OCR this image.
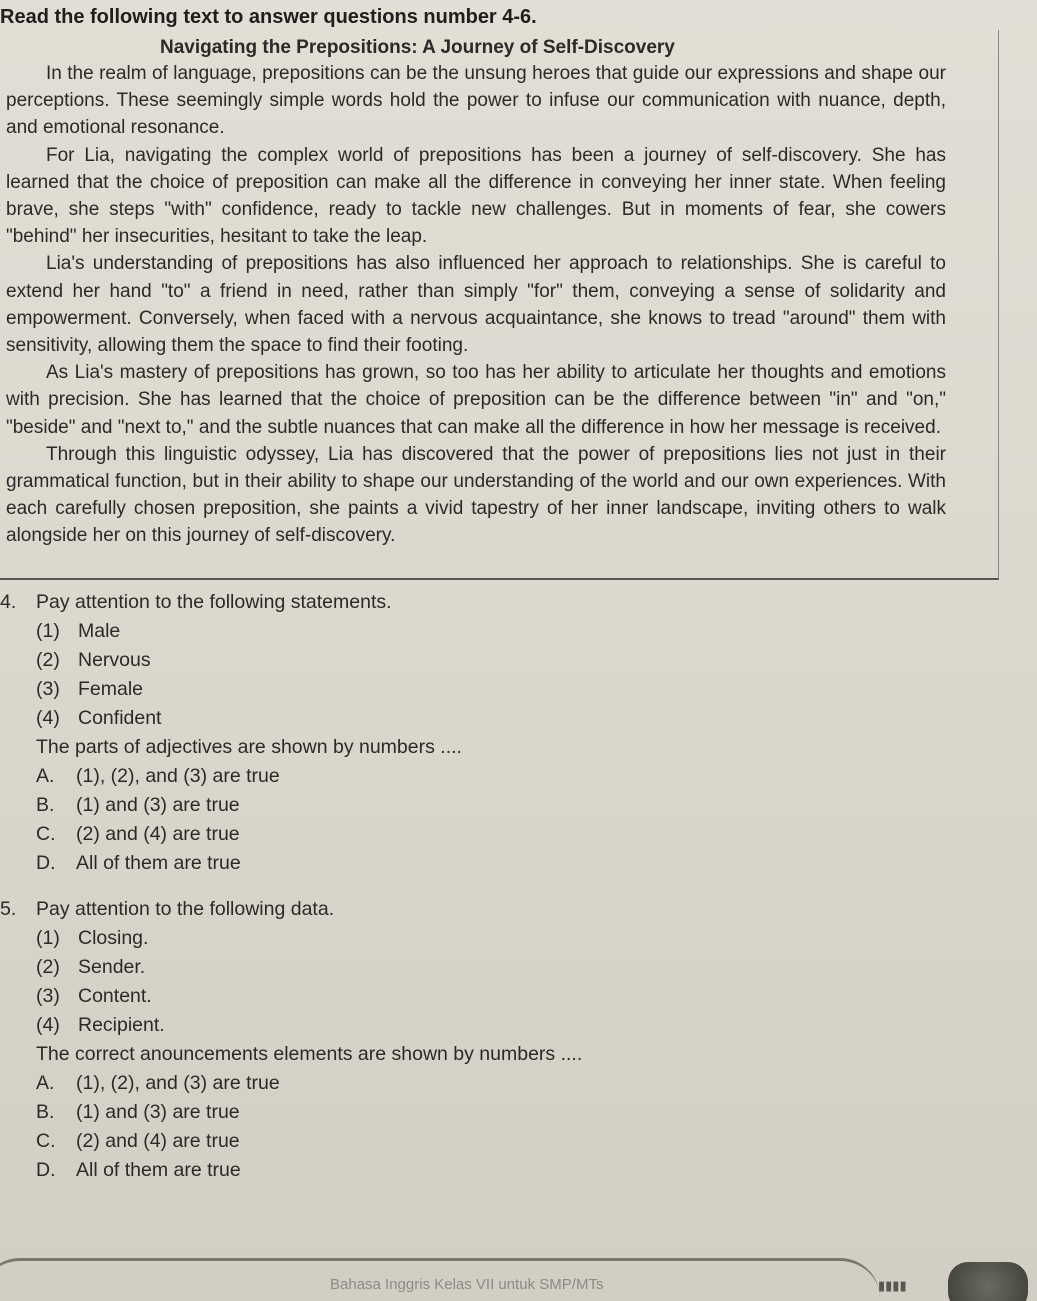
Read the following text to answer questions number 4-6.
Navigating the Prepositions: A Journey of Self-Discovery

In the realm of language, prepositions can be the unsung heroes that guide our expressions and shape our perceptions. These seemingly simple words hold the power to infuse our communication with nuance, depth, and emotional resonance.

For Lia, navigating the complex world of prepositions has been a journey of self-discovery. She has learned that the choice of preposition can make all the difference in conveying her inner state. When feeling brave, she steps "with" confidence, ready to tackle new challenges. But in moments of fear, she cowers "behind" her insecurities, hesitant to take the leap.

Lia's understanding of prepositions has also influenced her approach to relationships. She is careful to extend her hand "to" a friend in need, rather than simply "for" them, conveying a sense of solidarity and empowerment. Conversely, when faced with a nervous acquaintance, she knows to tread "around" them with sensitivity, allowing them the space to find their footing.

As Lia's mastery of prepositions has grown, so too has her ability to articulate her thoughts and emotions with precision. She has learned that the choice of preposition can be the difference between "in" and "on," "beside" and "next to," and the subtle nuances that can make all the difference in how her message is received.

Through this linguistic odyssey, Lia has discovered that the power of prepositions lies not just in their grammatical function, but in their ability to shape our understanding of the world and our own experiences. With each carefully chosen preposition, she paints a vivid tapestry of her inner landscape, inviting others to walk alongside her on this journey of self-discovery.

4. Pay attention to the following statements.
(1) Male
(2) Nervous
(3) Female
(4) Confident
The parts of adjectives are shown by numbers ....
A. (1), (2), and (3) are true
B. (1) and (3) are true
C. (2) and (4) are true
D. All of them are true
5. Pay attention to the following data.
(1) Closing.
(2) Sender.
(3) Content.
(4) Recipient.
The correct anouncements elements are shown by numbers ....
A. (1), (2), and (3) are true
B. (1) and (3) are true
C. (2) and (4) are true
D. All of them are true
Bahasa Inggris Kelas VII untuk SMP/MTs	▮▮▮▮
